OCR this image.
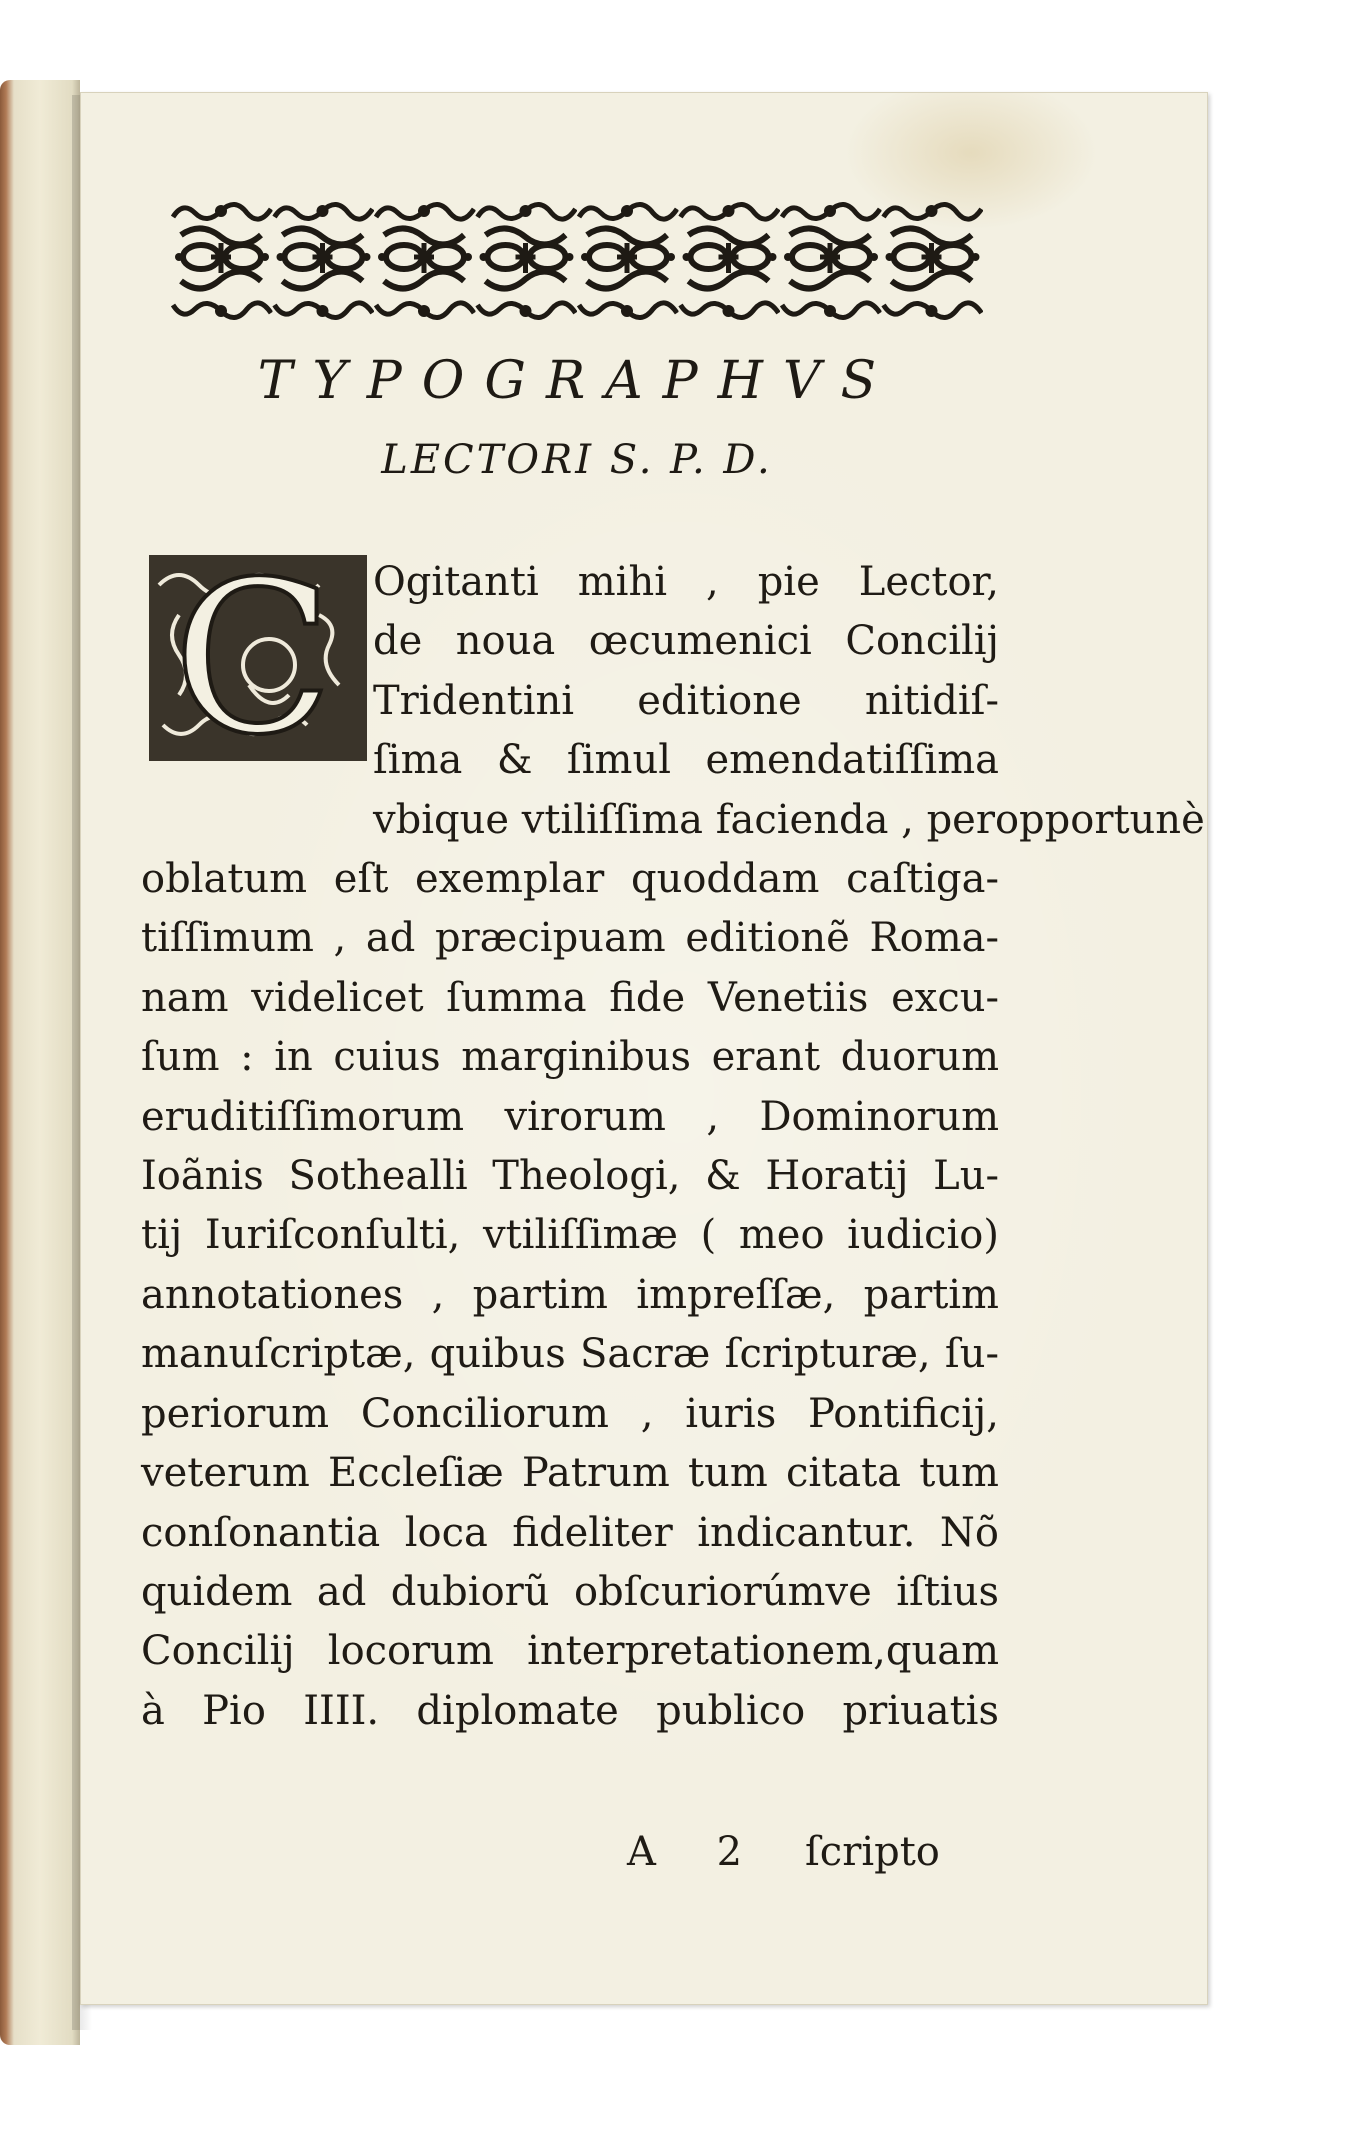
TYPOGRAPHVS
LECTORI S. P. D.
C Ogitanti mihi , pie Lector,
de noua œcumenici Concilij
Tridentini editione nitidiſ-
ſima & ſimul emendatiſſima
vbique vtiliſſima facienda , peropportunè
oblatum eſt exemplar quoddam caſtiga-
tiſſimum , ad præcipuam editionẽ Roma-
nam videlicet ſumma fide Venetiis excu-
ſum : in cuius marginibus erant duorum
eruditiſſimorum virorum , Dominorum
Ioãnis Sothealli Theologi, & Horatij Lu-
tij Iuriſconſulti, vtiliſſimæ ( meo iudicio)
annotationes , partim impreſſæ, partim
manuſcriptæ, quibus Sacræ ſcripturæ, ſu-
periorum Conciliorum , iuris Pontificij,
veterum Eccleſiæ Patrum tum citata tum
conſonantia loca fideliter indicantur. Nõ
quidem ad dubiorũ obſcuriorúmve iſtius
Concilij locorum interpretationem,quam
à Pio IIII. diplomate publico priuatis
A 2 ſcripto
